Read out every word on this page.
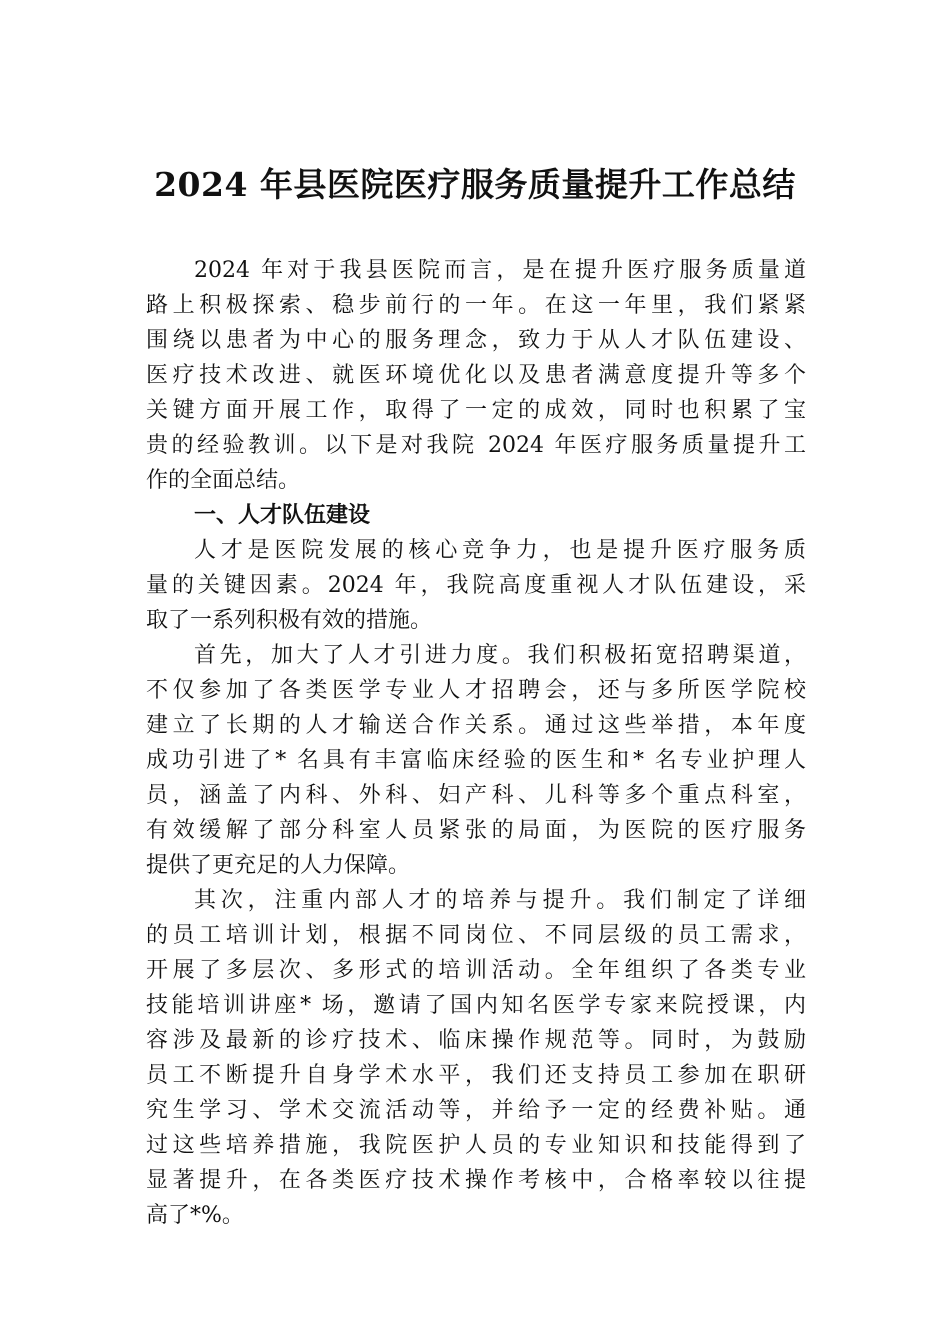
2024 年县医院医疗服务质量提升工作总结
2024 年对于我县医院而言，是在提升医疗服务质量道
路上积极探索、稳步前行的一年。在这一年里，我们紧紧
围绕以患者为中心的服务理念，致力于从人才队伍建设、
医疗技术改进、就医环境优化以及患者满意度提升等多个
关键方面开展工作，取得了一定的成效，同时也积累了宝
贵的经验教训。以下是对我院 2024 年医疗服务质量提升工
作的全面总结。
一、人才队伍建设
人才是医院发展的核心竞争力，也是提升医疗服务质
量的关键因素。2024 年，我院高度重视人才队伍建设，采
取了一系列积极有效的措施。
首先，加大了人才引进力度。我们积极拓宽招聘渠道，
不仅参加了各类医学专业人才招聘会，还与多所医学院校
建立了长期的人才输送合作关系。通过这些举措，本年度
成功引进了* 名具有丰富临床经验的医生和* 名专业护理人
员，涵盖了内科、外科、妇产科、儿科等多个重点科室，
有效缓解了部分科室人员紧张的局面，为医院的医疗服务
提供了更充足的人力保障。
其次，注重内部人才的培养与提升。我们制定了详细
的员工培训计划，根据不同岗位、不同层级的员工需求，
开展了多层次、多形式的培训活动。全年组织了各类专业
技能培训讲座* 场，邀请了国内知名医学专家来院授课，内
容涉及最新的诊疗技术、临床操作规范等。同时，为鼓励
员工不断提升自身学术水平，我们还支持员工参加在职研
究生学习、学术交流活动等，并给予一定的经费补贴。通
过这些培养措施，我院医护人员的专业知识和技能得到了
显著提升，在各类医疗技术操作考核中，合格率较以往提
高了*%。
